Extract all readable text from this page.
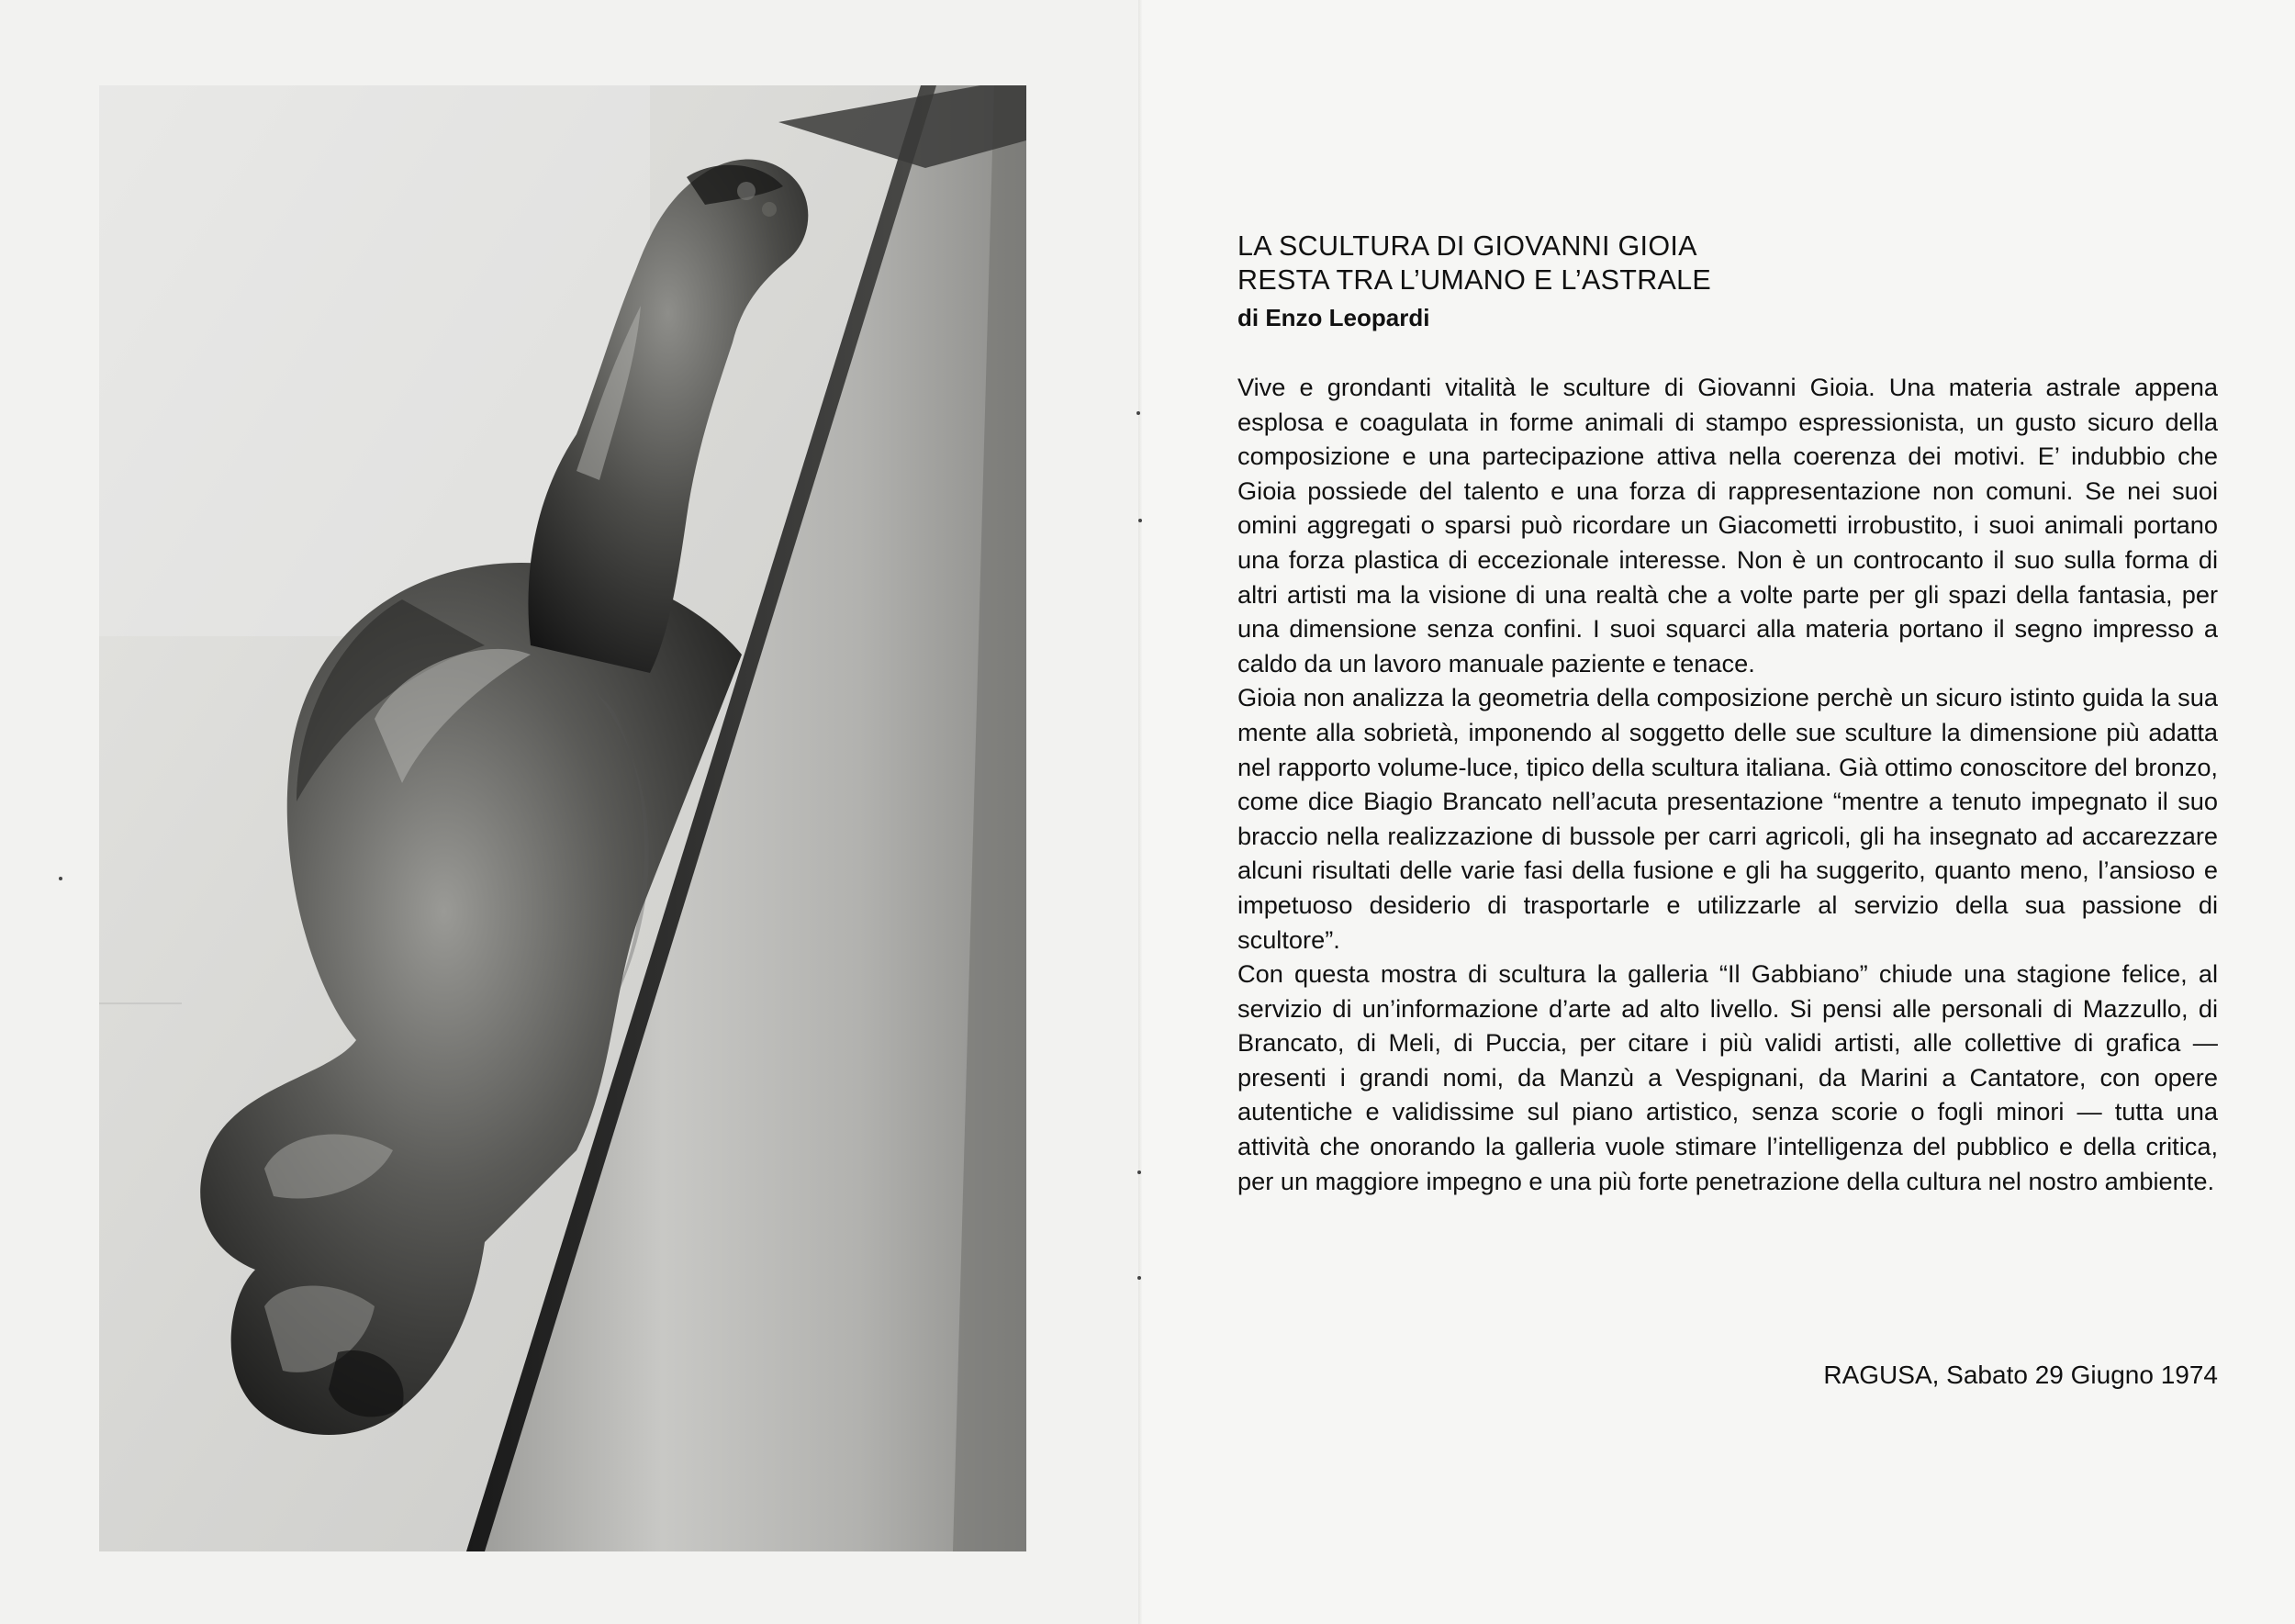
LA SCULTURA DI GIOVANNI GIOIA
RESTA TRA L’UMANO E L’ASTRALE
di Enzo Leopardi

Vive e grondanti vitalità le sculture di Giovanni Gioia. Una materia astrale appena esplosa e coagulata in forme animali di stampo espressionista, un gusto sicuro della composizione e una partecipazione attiva nella coerenza dei motivi. E’ indubbio che Gioia possiede del talento e una forza di rappresentazione non comuni. Se nei suoi omini aggregati o sparsi può ricordare un Giacometti irrobustito, i suoi animali portano una forza plastica di eccezionale interesse. Non è un controcanto il suo sulla forma di altri artisti ma la visione di una realtà che a volte parte per gli spazi della fantasia, per una dimensione senza confini. I suoi squarci alla materia portano il segno impresso a caldo da un lavoro manuale paziente e tenace.

Gioia non analizza la geometria della composizione perchè un sicuro istinto guida la sua mente alla sobrietà, imponendo al soggetto delle sue sculture la dimensione più adatta nel rapporto volume-luce, tipico della scultura italiana. Già ottimo conoscitore del bronzo, come dice Biagio Brancato nell’acuta presentazione “mentre a tenuto impegnato il suo braccio nella realizzazione di bussole per carri agricoli, gli ha insegnato ad accarezzare alcuni risultati delle varie fasi della fusione e gli ha suggerito, quanto meno, l’ansioso e impetuoso desiderio di trasportarle e utilizzarle al servizio della sua passione di scultore”.

Con questa mostra di scultura la galleria “Il Gabbiano” chiude una stagione felice, al servizio di un’informazione d’arte ad alto livello. Si pensi alle personali di Mazzullo, di Brancato, di Meli, di Puccia, per citare i più validi artisti, alle collettive di grafica — presenti i grandi nomi, da Manzù a Vespignani, da Marini a Cantatore, con opere autentiche e validissime sul piano artistico, senza scorie o fogli minori — tutta una attività che onorando la galleria vuole stimare l’intelligenza del pubblico e della critica, per un maggiore impegno e una più forte penetrazione della cultura nel nostro ambiente.

RAGUSA, Sabato 29 Giugno 1974
